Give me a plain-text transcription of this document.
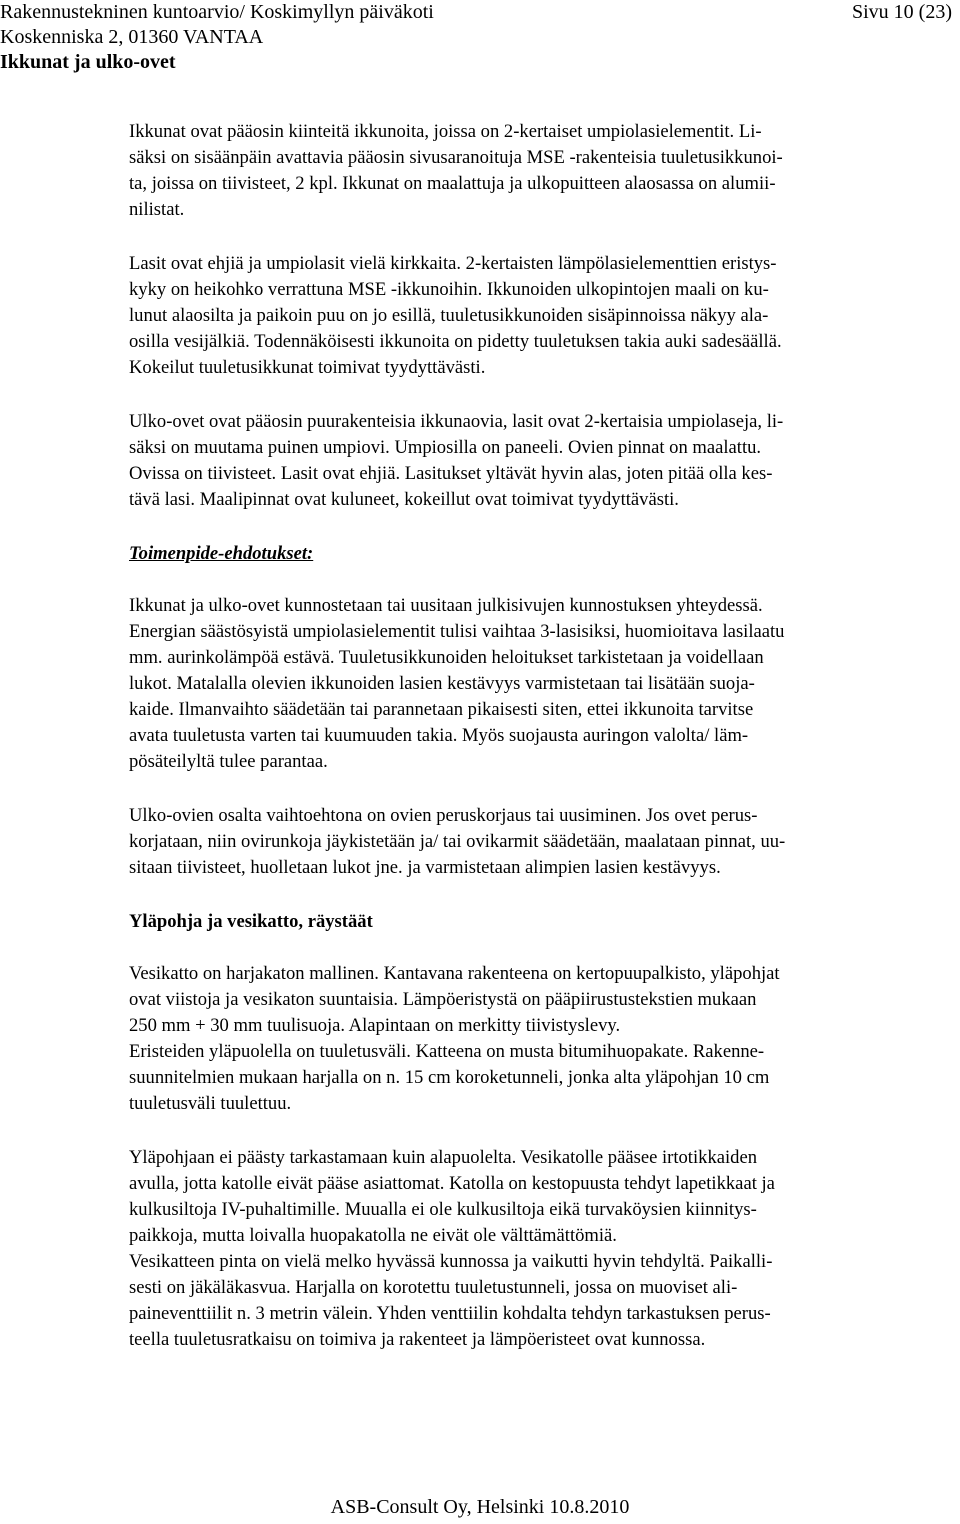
Rakennustekninen kuntoarvio/ Koskimyllyn päiväkoti	Sivu 10 (23)
Koskenniska 2, 01360 VANTAA
Ikkunat ja ulko-ovet
Ikkunat ovat pääosin kiinteitä ikkunoita, joissa on 2-kertaiset umpiolasielementit. Li-
säksi on sisäänpäin avattavia pääosin sivusaranoituja MSE -rakenteisia tuuletusikkunoi-
ta, joissa on tiivisteet, 2 kpl. Ikkunat on maalattuja ja ulkopuitteen alaosassa on alumii-
nilistat.
Lasit ovat ehjiä ja umpiolasit vielä kirkkaita. 2-kertaisten lämpölasielementtien eristys-
kyky on heikohko verrattuna MSE -ikkunoihin. Ikkunoiden ulkopintojen maali on ku-
lunut alaosilta ja paikoin puu on jo esillä, tuuletusikkunoiden sisäpinnoissa näkyy ala-
osilla vesijälkiä. Todennäköisesti ikkunoita on pidetty tuuletuksen takia auki sadesäällä.
Kokeilut tuuletusikkunat toimivat tyydyttävästi.
Ulko-ovet ovat pääosin puurakenteisia ikkunaovia, lasit ovat 2-kertaisia umpiolaseja, li-
säksi on muutama puinen umpiovi. Umpiosilla on paneeli. Ovien pinnat on maalattu.
Ovissa on tiivisteet. Lasit ovat ehjiä. Lasitukset yltävät hyvin alas, joten pitää olla kes-
tävä lasi. Maalipinnat ovat kuluneet, kokeillut ovat toimivat tyydyttävästi.
Toimenpide-ehdotukset:
Ikkunat ja ulko-ovet kunnostetaan tai uusitaan julkisivujen kunnostuksen yhteydessä.
Energian säästösyistä umpiolasielementit tulisi vaihtaa 3-lasisiksi, huomioitava lasilaatu
mm. aurinkolämpöä estävä. Tuuletusikkunoiden heloitukset tarkistetaan ja voidellaan
lukot. Matalalla olevien ikkunoiden lasien kestävyys varmistetaan tai lisätään suoja-
kaide. Ilmanvaihto säädetään tai parannetaan pikaisesti siten, ettei ikkunoita tarvitse
avata tuuletusta varten tai kuumuuden takia. Myös suojausta auringon valolta/ läm-
pösäteilyltä tulee parantaa.
Ulko-ovien osalta vaihtoehtona on ovien peruskorjaus tai uusiminen. Jos ovet perus-
korjataan, niin ovirunkoja jäykistetään ja/ tai ovikarmit säädetään, maalataan pinnat, uu-
sitaan tiivisteet, huolletaan lukot jne. ja varmistetaan alimpien lasien kestävyys.
Yläpohja ja vesikatto, räystäät
Vesikatto on harjakaton mallinen. Kantavana rakenteena on kertopuupalkisto, yläpohjat
ovat viistoja ja vesikaton suuntaisia. Lämpöeristystä on pääpiirustustekstien mukaan
250 mm + 30 mm tuulisuoja. Alapintaan on merkitty tiivistyslevy.
Eristeiden yläpuolella on tuuletusväli. Katteena on musta bitumihuopakate. Rakenne-
suunnitelmien mukaan harjalla on n. 15 cm koroketunneli, jonka alta yläpohjan 10 cm
tuuletusväli tuulettuu.
Yläpohjaan ei päästy tarkastamaan kuin alapuolelta. Vesikatolle pääsee irtotikkaiden
avulla, jotta katolle eivät pääse asiattomat. Katolla on kestopuusta tehdyt lapetikkaat ja
kulkusiltoja IV-puhaltimille. Muualla ei ole kulkusiltoja eikä turvaköysien kiinnitys-
paikkoja, mutta loivalla huopakatolla ne eivät ole välttämättömiä.
Vesikatteen pinta on vielä melko hyvässä kunnossa ja vaikutti hyvin tehdyltä. Paikalli-
sesti on jäkäläkasvua. Harjalla on korotettu tuuletustunneli, jossa on muoviset ali-
paineventtiilit n. 3 metrin välein. Yhden venttiilin kohdalta tehdyn tarkastuksen perus-
teella tuuletusratkaisu on toimiva ja rakenteet ja lämpöeristeet ovat kunnossa.
ASB-Consult Oy, Helsinki 10.8.2010
